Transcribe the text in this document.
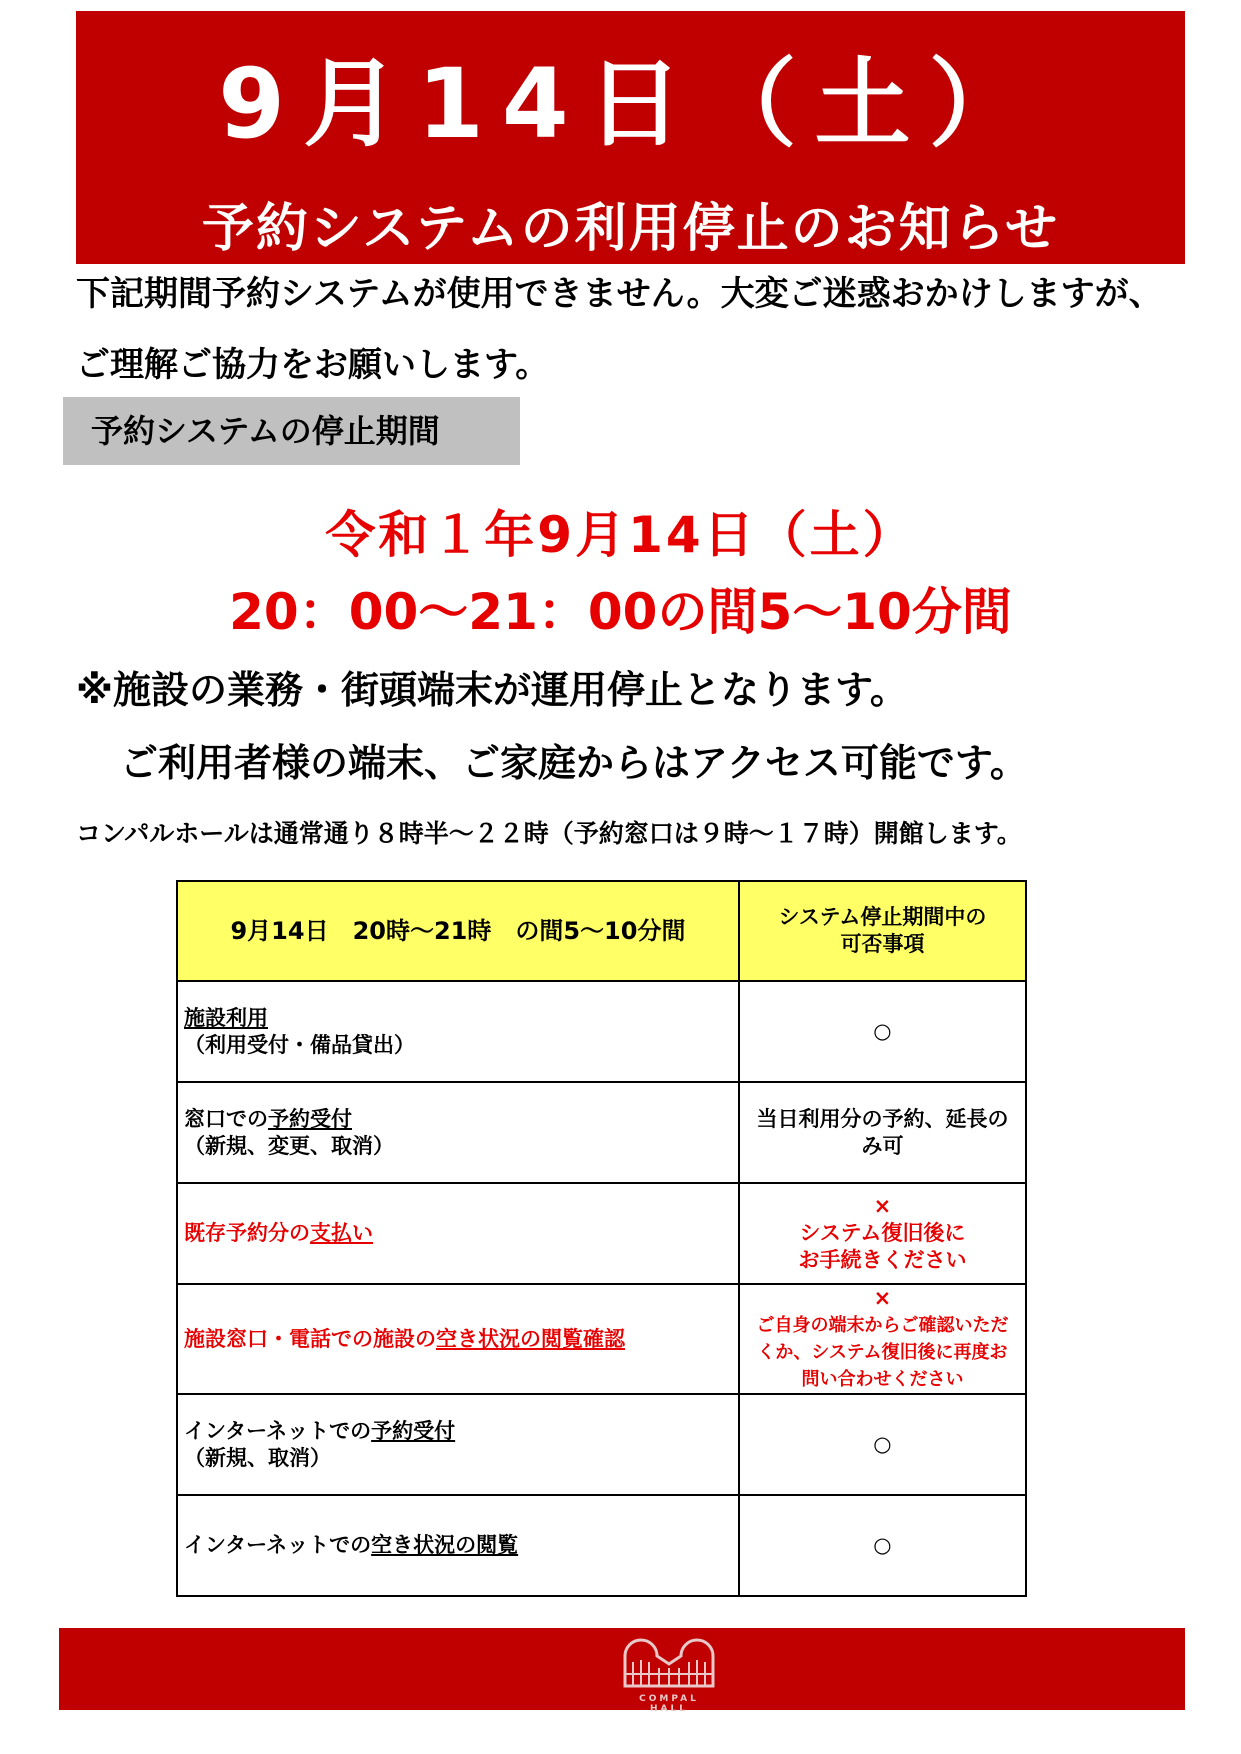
9月14日（土）
予約システムの利用停止のお知らせ
下記期間予約システムが使用できません。大変ご迷惑おかけしますが、
ご理解ご協力をお願いします。
予約システムの停止期間
令和１年9月14日（土）
20：00～21：00の間5～10分間
※施設の業務・街頭端末が運用停止となります。
ご利用者様の端末、ご家庭からはアクセス可能です。
コンパルホールは通常通り８時半～２２時（予約窓口は９時～１７時）開館します。
9月14日　20時～21時　の間5～10分間	システム停止期間中の
可否事項

施設利用
（利用受付・備品貸出）	○

窓口での予約受付
（新規、変更、取消）	当日利用分の予約、延長の
み可

既存予約分の支払い	×
システム復旧後に
お手続きください

施設窓口・電話での施設の空き状況の閲覧確認	×
ご自身の端末からご確認いただ
くか、システム復旧後に再度お
問い合わせください

インターネットでの予約受付
（新規、取消）	○
インターネットでの空き状況の閲覧	○
COMPAL HALL
